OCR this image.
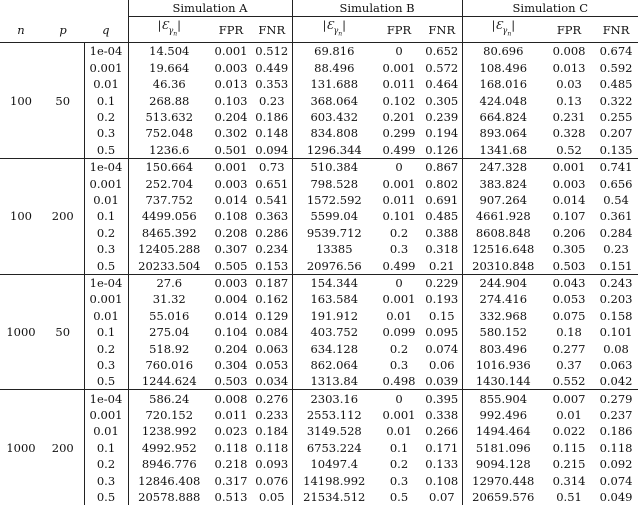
			Simulation A			Simulation B			Simulation C		
n	p	q	$|Ɛ_{\gamma_n}|$	FPR	FNR	$|Ɛ_{\gamma_n}|$	FPR	FNR	$|Ɛ_{\gamma_n}|$	FPR	FNR
100	50	1e-04	14.504	0.001	0.512	69.816	0	0.652	80.696	0.008	0.674
		0.001	19.664	0.003	0.449	88.496	0.001	0.572	108.496	0.013	0.592
		0.01	46.36	0.013	0.353	131.688	0.011	0.464	168.016	0.03	0.485
		0.1	268.88	0.103	0.23	368.064	0.102	0.305	424.048	0.13	0.322
		0.2	513.632	0.204	0.186	603.432	0.201	0.239	664.824	0.231	0.255
		0.3	752.048	0.302	0.148	834.808	0.299	0.194	893.064	0.328	0.207
		0.5	1236.6	0.501	0.094	1296.344	0.499	0.126	1341.68	0.52	0.135
100	200	1e-04	150.664	0.001	0.73	510.384	0	0.867	247.328	0.001	0.741
		0.001	252.704	0.003	0.651	798.528	0.001	0.802	383.824	0.003	0.656
		0.01	737.752	0.014	0.541	1572.592	0.011	0.691	907.264	0.014	0.54
		0.1	4499.056	0.108	0.363	5599.04	0.101	0.485	4661.928	0.107	0.361
		0.2	8465.392	0.208	0.286	9539.712	0.2	0.388	8608.848	0.206	0.284
		0.3	12405.288	0.307	0.234	13385	0.3	0.318	12516.648	0.305	0.23
		0.5	20233.504	0.505	0.153	20976.56	0.499	0.21	20310.848	0.503	0.151
1000	50	1e-04	27.6	0.003	0.187	154.344	0	0.229	244.904	0.043	0.243
		0.001	31.32	0.004	0.162	163.584	0.001	0.193	274.416	0.053	0.203
		0.01	55.016	0.014	0.129	191.912	0.01	0.15	332.968	0.075	0.158
		0.1	275.04	0.104	0.084	403.752	0.099	0.095	580.152	0.18	0.101
		0.2	518.92	0.204	0.063	634.128	0.2	0.074	803.496	0.277	0.08
		0.3	760.016	0.304	0.053	862.064	0.3	0.06	1016.936	0.37	0.063
		0.5	1244.624	0.503	0.034	1313.84	0.498	0.039	1430.144	0.552	0.042
1000	200	1e-04	586.24	0.008	0.276	2303.16	0	0.395	855.904	0.007	0.279
		0.001	720.152	0.011	0.233	2553.112	0.001	0.338	992.496	0.01	0.237
		0.01	1238.992	0.023	0.184	3149.528	0.01	0.266	1494.464	0.022	0.186
		0.1	4992.952	0.118	0.118	6753.224	0.1	0.171	5181.096	0.115	0.118
		0.2	8946.776	0.218	0.093	10497.4	0.2	0.133	9094.128	0.215	0.092
		0.3	12846.408	0.317	0.076	14198.992	0.3	0.108	12970.448	0.314	0.074
		0.5	20578.888	0.513	0.05	21534.512	0.5	0.07	20659.576	0.51	0.049
